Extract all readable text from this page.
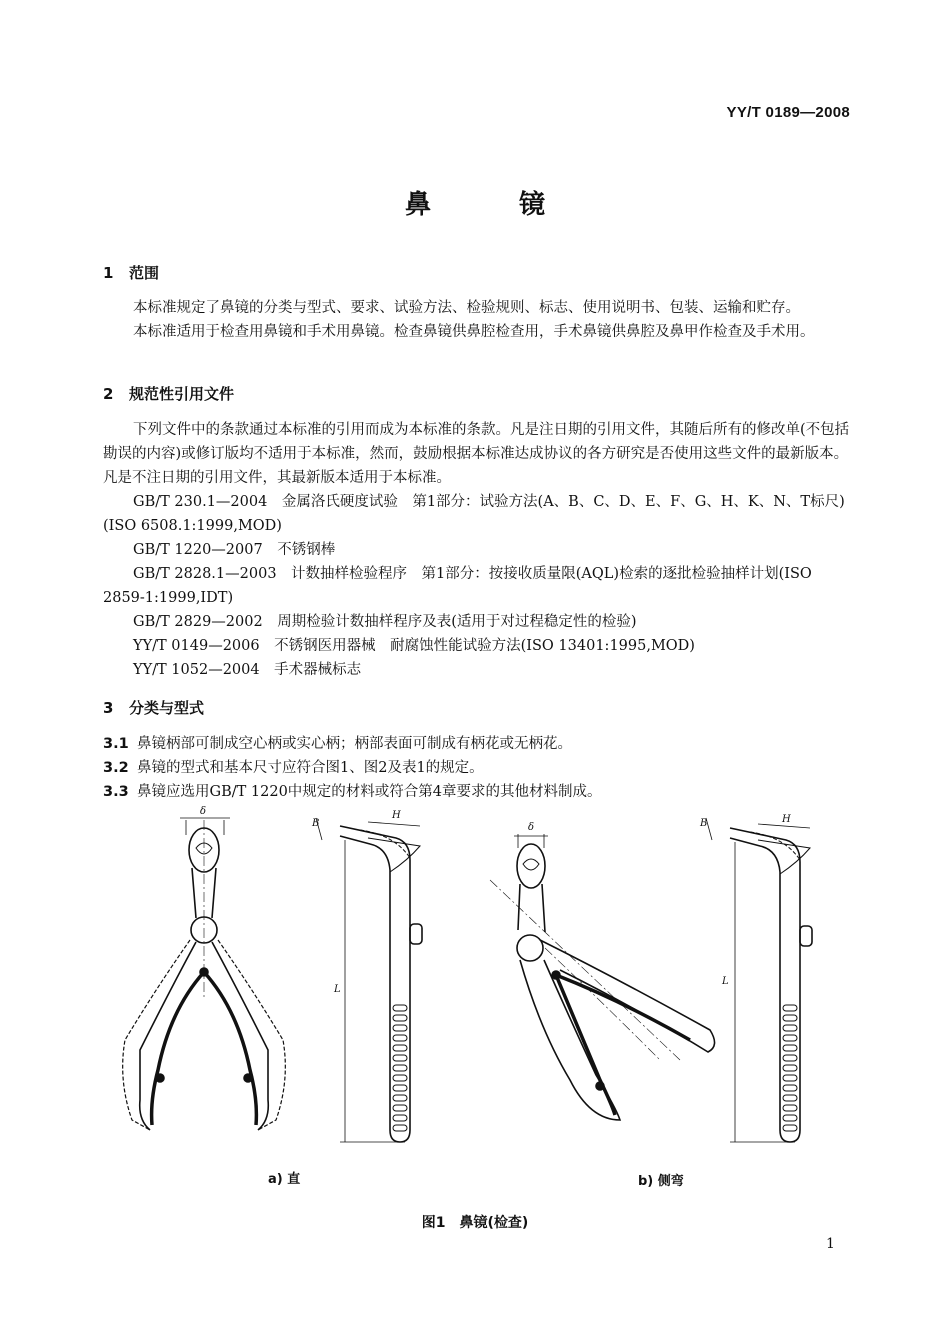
YY/T 0189—2008
鼻	镜
1 范围
本标准规定了鼻镜的分类与型式、要求、试验方法、检验规则、标志、使用说明书、包装、运输和贮存。
本标准适用于检查用鼻镜和手术用鼻镜。检查鼻镜供鼻腔检查用，手术鼻镜供鼻腔及鼻甲作检查及手术用。
2 规范性引用文件
下列文件中的条款通过本标准的引用而成为本标准的条款。凡是注日期的引用文件，其随后所有的修改单(不包括勘误的内容)或修订版均不适用于本标准，然而，鼓励根据本标准达成协议的各方研究是否使用这些文件的最新版本。凡是不注日期的引用文件，其最新版本适用于本标准。
GB/T 230.1—2004　金属洛氏硬度试验　第1部分：试验方法(A、B、C、D、E、F、G、H、K、N、T标尺)(ISO 6508.1:1999,MOD)
GB/T 1220—2007　不锈钢棒
GB/T 2828.1—2003　计数抽样检验程序　第1部分：按接收质量限(AQL)检索的逐批检验抽样计划(ISO 2859-1:1999,IDT)
GB/T 2829—2002　周期检验计数抽样程序及表(适用于对过程稳定性的检验)
YY/T 0149—2006　不锈钢医用器械　耐腐蚀性能试验方法(ISO 13401:1995,MOD)
YY/T 1052—2004　手术器械标志
3 分类与型式
3.1 鼻镜柄部可制成空心柄或实心柄；柄部表面可制成有柄花或无柄花。
3.2 鼻镜的型式和基本尺寸应符合图1、图2及表1的规定。
3.3 鼻镜应选用GB/T 1220中规定的材料或符合第4章要求的其他材料制成。
δ
B
H
L
δ	B	H
L
a) 直	b) 侧弯
图1　鼻镜(检查)
1
